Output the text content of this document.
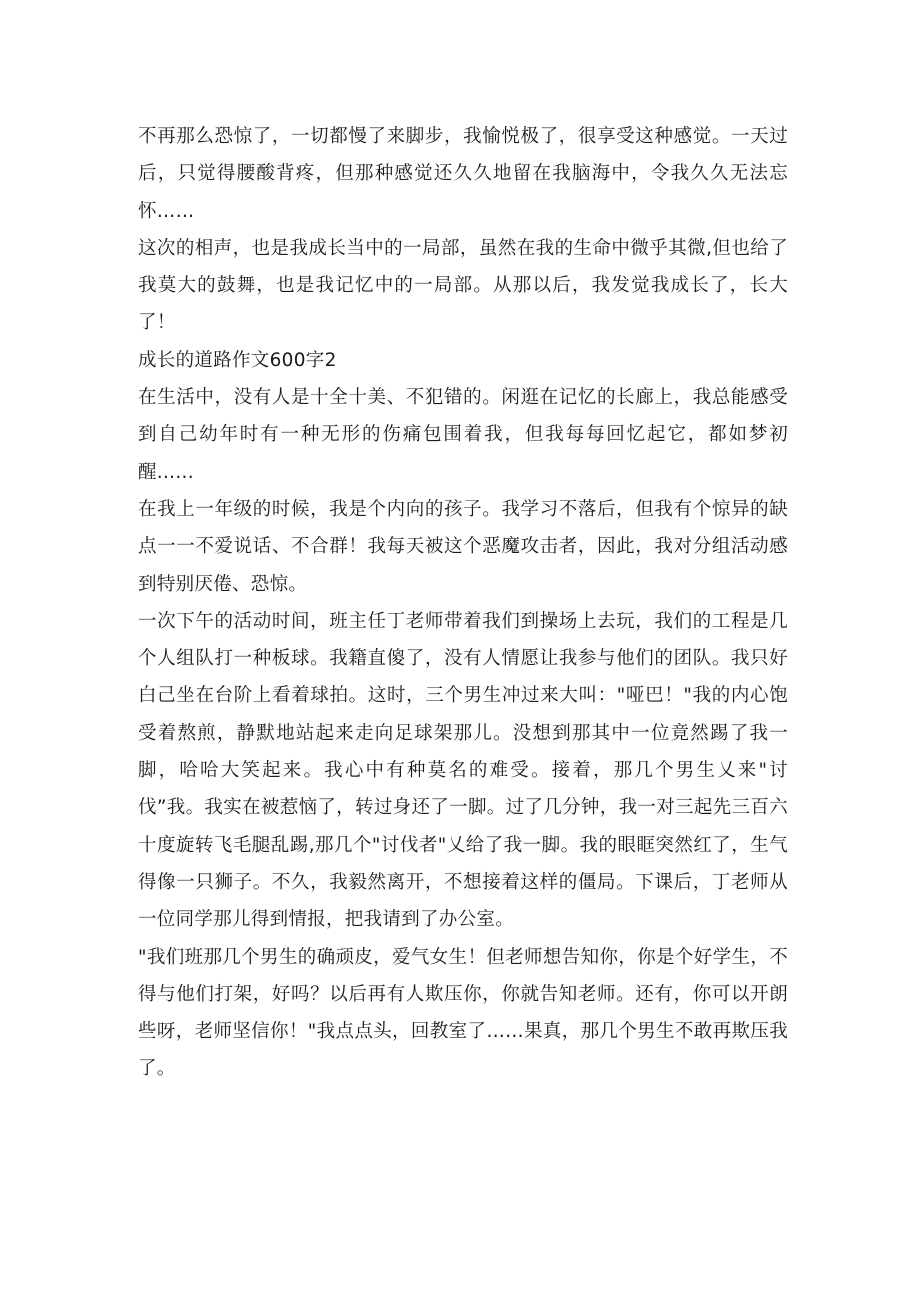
不再那么恐惊了，一切都慢了来脚步，我愉悦极了，很享受这种感觉。一天过后，只觉得腰酸背疼，但那种感觉还久久地留在我脑海中，令我久久无法忘怀……

这次的相声，也是我成长当中的一局部，虽然在我的生命中微乎其微,但也给了我莫大的鼓舞，也是我记忆中的一局部。从那以后，我发觉我成长了，长大了！

成长的道路作文600字2

在生活中，没有人是十全十美、不犯错的。闲逛在记忆的长廊上，我总能感受到自己幼年时有一种无形的伤痛包围着我，但我每每回忆起它，都如梦初醒......

在我上一年级的时候，我是个内向的孩子。我学习不落后，但我有个惊异的缺点一一不爱说话、不合群！我每天被这个恶魔攻击者，因此，我对分组活动感到特别厌倦、恐惊。

一次下午的活动时间，班主任丁老师带着我们到操场上去玩，我们的工程是几个人组队打一种板球。我籍直傻了，没有人情愿让我参与他们的团队。我只好白己坐在台阶上看着球拍。这时，三个男生冲过来大叫："哑巴！"我的内心饱受着熬煎，静默地站起来走向足球架那儿。没想到那其中一位竟然踢了我一脚，哈哈大笑起来。我心中有种莫名的难受。接着，那几个男生乂来"讨伐”我。我实在被惹恼了，转过身还了一脚。过了几分钟，我一对三起先三百六十度旋转飞毛腿乱踢,那几个"讨伐者"乂给了我一脚。我的眼眶突然红了，生气得像一只狮子。不久，我毅然离开，不想接着这样的僵局。下课后，丁老师从一位同学那儿得到情报，把我请到了办公室。

"我们班那几个男生的确顽皮，爱气女生！但老师想告知你，你是个好学生，不得与他们打架，好吗？以后再有人欺压你，你就告知老师。还有，你可以开朗些呀，老师坚信你！"我点点头，回教室了……果真，那几个男生不敢再欺压我了。
